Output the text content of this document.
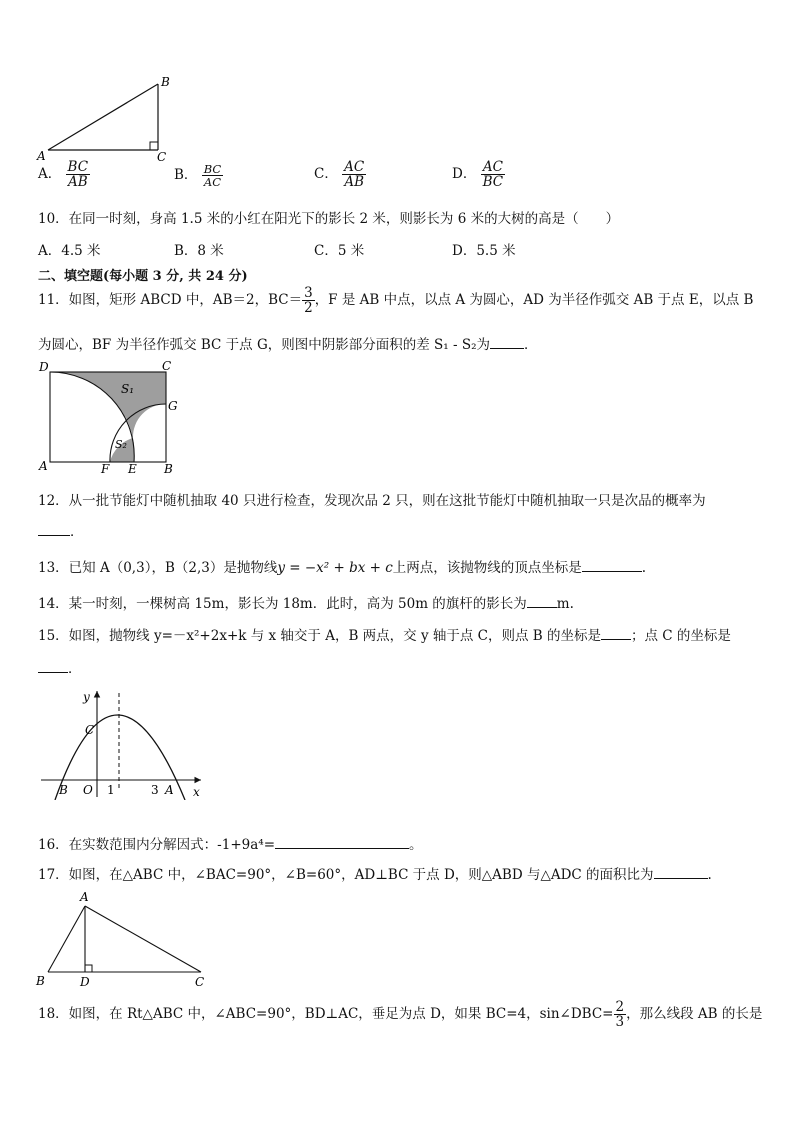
A
B
C
A． $\frac{BC}{AB}$	B． $\frac{BC}{AC}$	C． $\frac{AC}{AB}$	D． $\frac{AC}{BC}$
10．在同一时刻，身高 1.5 米的小红在阳光下的影长 2 米，则影长为 6 米的大树的高是（　　）
A．4.5 米	B．8 米	C．5 米	D．5.5 米
二、填空题(每小题 3 分, 共 24 分)
11．如图，矩形 ABCD 中，AB＝2，$BC= \frac{3}{2}$ ，F 是 AB 中点，以点 A 为圆心，AD 为半径作弧交 AB 于点 E，以点 B
为圆心，BF 为半径作弧交 BC 于点 G，则图中阴影部分面积的差 S₁ - S₂为	．
D	C
G
A	F E B
S₁
S₂
12．从一批节能灯中随机抽取 40 只进行检查，发现次品 2 只，则在这批节能灯中随机抽取一只是次品的概率为
．
13．已知 A（0,3），B（2,3）是抛物线y = −x² + bx + c上两点，该抛物线的顶点坐标是	.
14．某一时刻，一棵树高 15m，影长为 18m．此时，高为 50m 的旗杆的影长为 m.
15．如图，抛物线 y=－x²+2x+k 与 x 轴交于 A，B 两点，交 y 轴于点 C，则点 B 的坐标是 ；点 C 的坐标是
．
y
x
C
B O 1	3 A
16．在实数范围内分解因式：-1+9a⁴=	。
17．如图，在△ABC 中，∠BAC=90°，∠B=60°，AD⊥BC 于点 D，则△ABD 与△ADC 的面积比为	.
A
B	D	C
18．如图，在 Rt△ABC 中，∠ABC=90°，BD⊥AC，垂足为点 D，如果 BC=4，sin∠DBC= $\frac{2}{3}$ ，那么线段 AB 的长是
